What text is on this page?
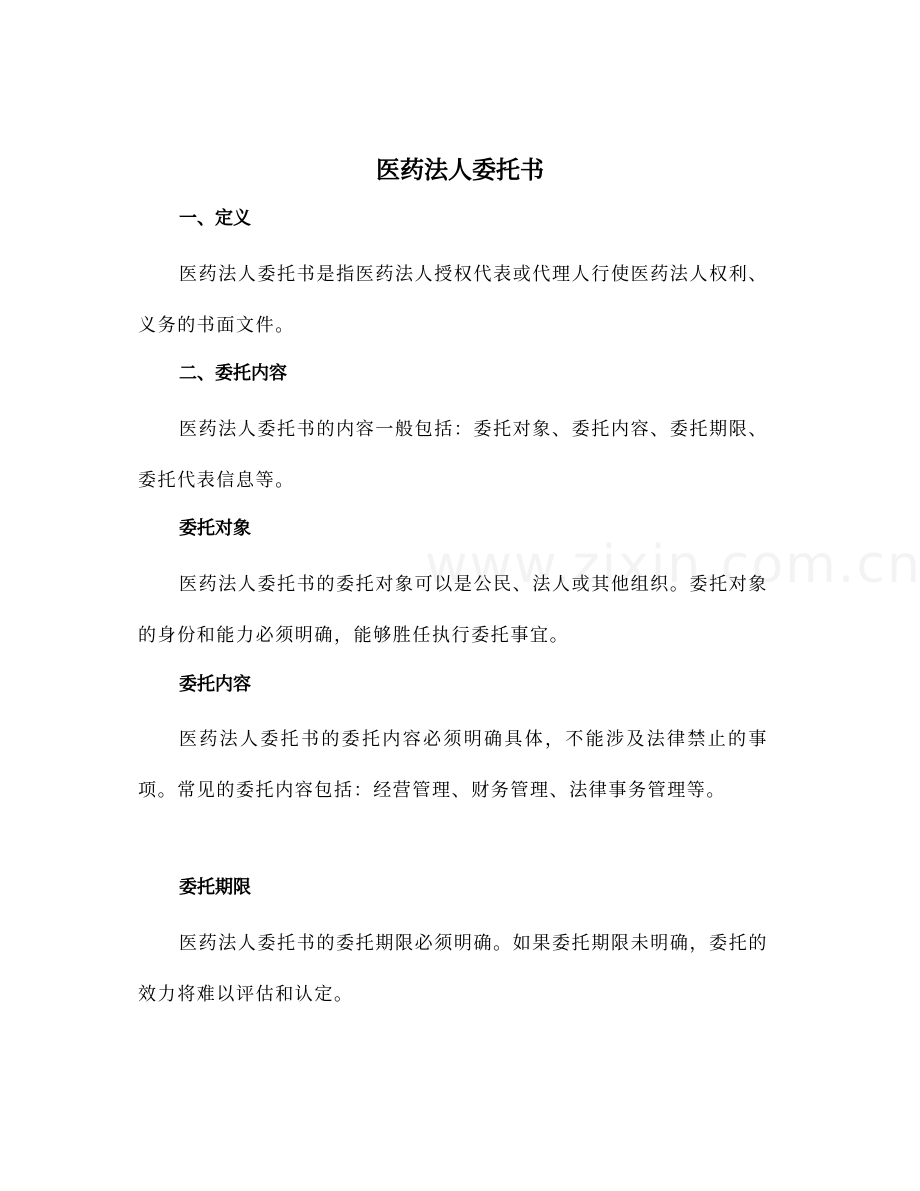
医药法人委托书
一、定义

医药法人委托书是指医药法人授权代表或代理人行使医药法人权利、义务的书面文件。

二、委托内容

医药法人委托书的内容一般包括：委托对象、委托内容、委托期限、委托代表信息等。

委托对象

医药法人委托书的委托对象可以是公民、法人或其他组织。委托对象的身份和能力必须明确，能够胜任执行委托事宜。

委托内容

医药法人委托书的委托内容必须明确具体，不能涉及法律禁止的事项。常见的委托内容包括：经营管理、财务管理、法律事务管理等。

委托期限

医药法人委托书的委托期限必须明确。如果委托期限未明确，委托的效力将难以评估和认定。
